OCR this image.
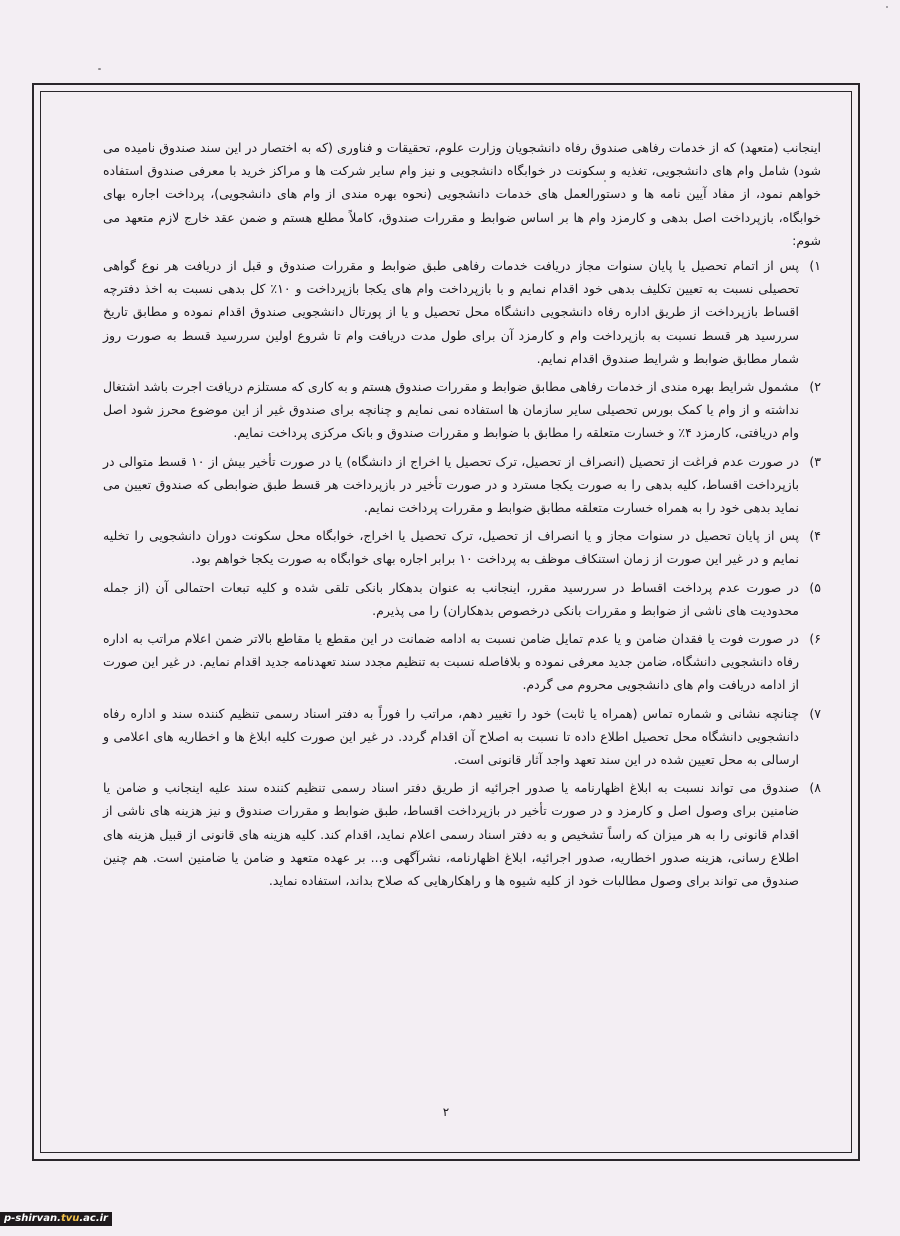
اینجانب (متعهد) که از خدمات رفاهی صندوق رفاه دانشجویان وزارت علوم، تحقیقات و فناوری (که به اختصار در این سند صندوق نامیده می شود) شامل وام های دانشجویی، تغذیه و سکونت در خوابگاه دانشجویی و نیز وام سایر شرکت ها و مراکز خرید با معرفی صندوق استفاده خواهم نمود، از مفاد آیین نامه ها و دستورالعمل های خدمات دانشجویی (نحوه بهره مندی از وام های دانشجویی)، پرداخت اجاره بهای خوابگاه، بازپرداخت اصل بدهی و کارمزد وام ها بر اساس ضوابط و مقررات صندوق، کاملاً مطلع هستم و ضمن عقد خارج لازم متعهد می شوم:

۱)
پس از اتمام تحصیل یا پایان سنوات مجاز دریافت خدمات رفاهی طبق ضوابط و مقررات صندوق و قبل از دریافت هر نوع گواهی تحصیلی نسبت به تعیین تکلیف بدهی خود اقدام نمایم و با بازپرداخت وام های یکجا بازپرداخت و ۱۰٪ کل بدهی نسبت به اخذ دفترچه اقساط بازپرداخت از طریق اداره رفاه دانشجویی دانشگاه محل تحصیل و یا از پورتال دانشجویی صندوق اقدام نموده و مطابق تاریخ سررسید هر قسط نسبت به بازپرداخت وام و کارمزد آن برای طول مدت دریافت وام تا شروع اولین سررسید قسط به صورت روز شمار مطابق ضوابط و شرایط صندوق اقدام نمایم.
۲)
مشمول شرایط بهره مندی از خدمات رفاهی مطابق ضوابط و مقررات صندوق هستم و به کاری که مستلزم دریافت اجرت باشد اشتغال نداشته و از وام یا کمک بورس تحصیلی سایر سازمان ها استفاده نمی نمایم و چنانچه برای صندوق غیر از این موضوع محرز شود اصل وام دریافتی، کارمزد ۴٪ و خسارت متعلقه را مطابق با ضوابط و مقررات صندوق و بانک مرکزی پرداخت نمایم.
۳)
در صورت عدم فراغت از تحصیل (انصراف از تحصیل، ترک تحصیل یا اخراج از دانشگاه) یا در صورت تأخیر بیش از ۱۰ قسط متوالی در بازپرداخت اقساط، کلیه بدهی را به صورت یکجا مسترد و در صورت تأخیر در بازپرداخت هر قسط طبق ضوابطی که صندوق تعیین می نماید بدهی خود را به همراه خسارت متعلقه مطابق ضوابط و مقررات پرداخت نمایم.
۴)
پس از پایان تحصیل در سنوات مجاز و یا انصراف از تحصیل، ترک تحصیل یا اخراج، خوابگاه محل سکونت دوران دانشجویی را تخلیه نمایم و در غیر این صورت از زمان استنکاف موظف به پرداخت ۱۰ برابر اجاره بهای خوابگاه به صورت یکجا خواهم بود.
۵)
در صورت عدم پرداخت اقساط در سررسید مقرر، اینجانب به عنوان بدهکار بانکی تلقی شده و کلیه تبعات احتمالی آن (از جمله محدودیت های ناشی از ضوابط و مقررات بانکی درخصوص بدهکاران) را می پذیرم.
۶)
در صورت فوت یا فقدان ضامن و یا عدم تمایل ضامن نسبت به ادامه ضمانت در این مقطع یا مقاطع بالاتر ضمن اعلام مراتب به اداره رفاه دانشجویی دانشگاه، ضامن جدید معرفی نموده و بلافاصله نسبت به تنظیم مجدد سند تعهدنامه جدید اقدام نمایم. در غیر این صورت از ادامه دریافت وام های دانشجویی محروم می گردم.
۷)
چنانچه نشانی و شماره تماس (همراه یا ثابت) خود را تغییر دهم، مراتب را فوراً به دفتر اسناد رسمی تنظیم کننده سند و اداره رفاه دانشجویی دانشگاه محل تحصیل اطلاع داده تا نسبت به اصلاح آن اقدام گردد. در غیر این صورت کلیه ابلاغ ها و اخطاریه های اعلامی و ارسالی به محل تعیین شده در این سند تعهد واجد آثار قانونی است.
۸)
صندوق می تواند نسبت به ابلاغ اظهارنامه یا صدور اجرائیه از طریق دفتر اسناد رسمی تنظیم کننده سند علیه اینجانب و ضامن یا ضامنین برای وصول اصل و کارمزد و در صورت تأخیر در بازپرداخت اقساط، طبق ضوابط و مقررات صندوق و نیز هزینه های ناشی از اقدام قانونی را به هر میزان که راساً تشخیص و به دفتر اسناد رسمی اعلام نماید، اقدام کند. کلیه هزینه های قانونی از قبیل هزینه های اطلاع رسانی، هزینه صدور اخطاریه، صدور اجرائیه، ابلاغ اظهارنامه، نشرآگهی و... بر عهده متعهد و ضامن یا ضامنین است. هم چنین صندوق می تواند برای وصول مطالبات خود از کلیه شیوه ها و راهکارهایی که صلاح بداند، استفاده نماید.
۲
p-shirvan.tvu.ac.ir
